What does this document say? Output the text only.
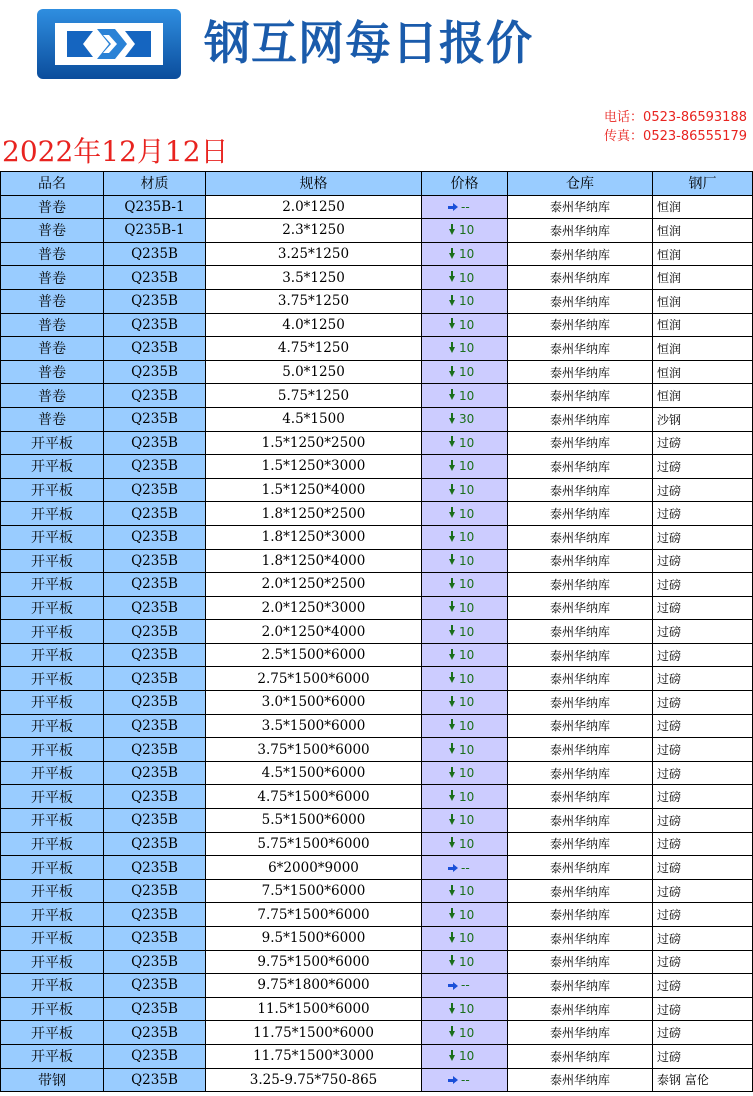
钢互网每日报价
电话：0523-86593188
传真：0523-86555179
2022年12月12日
品名	材质	规格	价格	仓库	钢厂
普卷	Q235B-1	2.0*1250	--	泰州华纳库	恒润
普卷	Q235B-1	2.3*1250	10	泰州华纳库	恒润
普卷	Q235B	3.25*1250	10	泰州华纳库	恒润
普卷	Q235B	3.5*1250	10	泰州华纳库	恒润
普卷	Q235B	3.75*1250	10	泰州华纳库	恒润
普卷	Q235B	4.0*1250	10	泰州华纳库	恒润
普卷	Q235B	4.75*1250	10	泰州华纳库	恒润
普卷	Q235B	5.0*1250	10	泰州华纳库	恒润
普卷	Q235B	5.75*1250	10	泰州华纳库	恒润
普卷	Q235B	4.5*1500	30	泰州华纳库	沙钢
开平板	Q235B	1.5*1250*2500	10	泰州华纳库	过磅
开平板	Q235B	1.5*1250*3000	10	泰州华纳库	过磅
开平板	Q235B	1.5*1250*4000	10	泰州华纳库	过磅
开平板	Q235B	1.8*1250*2500	10	泰州华纳库	过磅
开平板	Q235B	1.8*1250*3000	10	泰州华纳库	过磅
开平板	Q235B	1.8*1250*4000	10	泰州华纳库	过磅
开平板	Q235B	2.0*1250*2500	10	泰州华纳库	过磅
开平板	Q235B	2.0*1250*3000	10	泰州华纳库	过磅
开平板	Q235B	2.0*1250*4000	10	泰州华纳库	过磅
开平板	Q235B	2.5*1500*6000	10	泰州华纳库	过磅
开平板	Q235B	2.75*1500*6000	10	泰州华纳库	过磅
开平板	Q235B	3.0*1500*6000	10	泰州华纳库	过磅
开平板	Q235B	3.5*1500*6000	10	泰州华纳库	过磅
开平板	Q235B	3.75*1500*6000	10	泰州华纳库	过磅
开平板	Q235B	4.5*1500*6000	10	泰州华纳库	过磅
开平板	Q235B	4.75*1500*6000	10	泰州华纳库	过磅
开平板	Q235B	5.5*1500*6000	10	泰州华纳库	过磅
开平板	Q235B	5.75*1500*6000	10	泰州华纳库	过磅
开平板	Q235B	6*2000*9000	--	泰州华纳库	过磅
开平板	Q235B	7.5*1500*6000	10	泰州华纳库	过磅
开平板	Q235B	7.75*1500*6000	10	泰州华纳库	过磅
开平板	Q235B	9.5*1500*6000	10	泰州华纳库	过磅
开平板	Q235B	9.75*1500*6000	10	泰州华纳库	过磅
开平板	Q235B	9.75*1800*6000	--	泰州华纳库	过磅
开平板	Q235B	11.5*1500*6000	10	泰州华纳库	过磅
开平板	Q235B	11.75*1500*6000	10	泰州华纳库	过磅
开平板	Q235B	11.75*1500*3000	10	泰州华纳库	过磅
带钢	Q235B	3.25-9.75*750-865	--	泰州华纳库	泰钢 富伦
